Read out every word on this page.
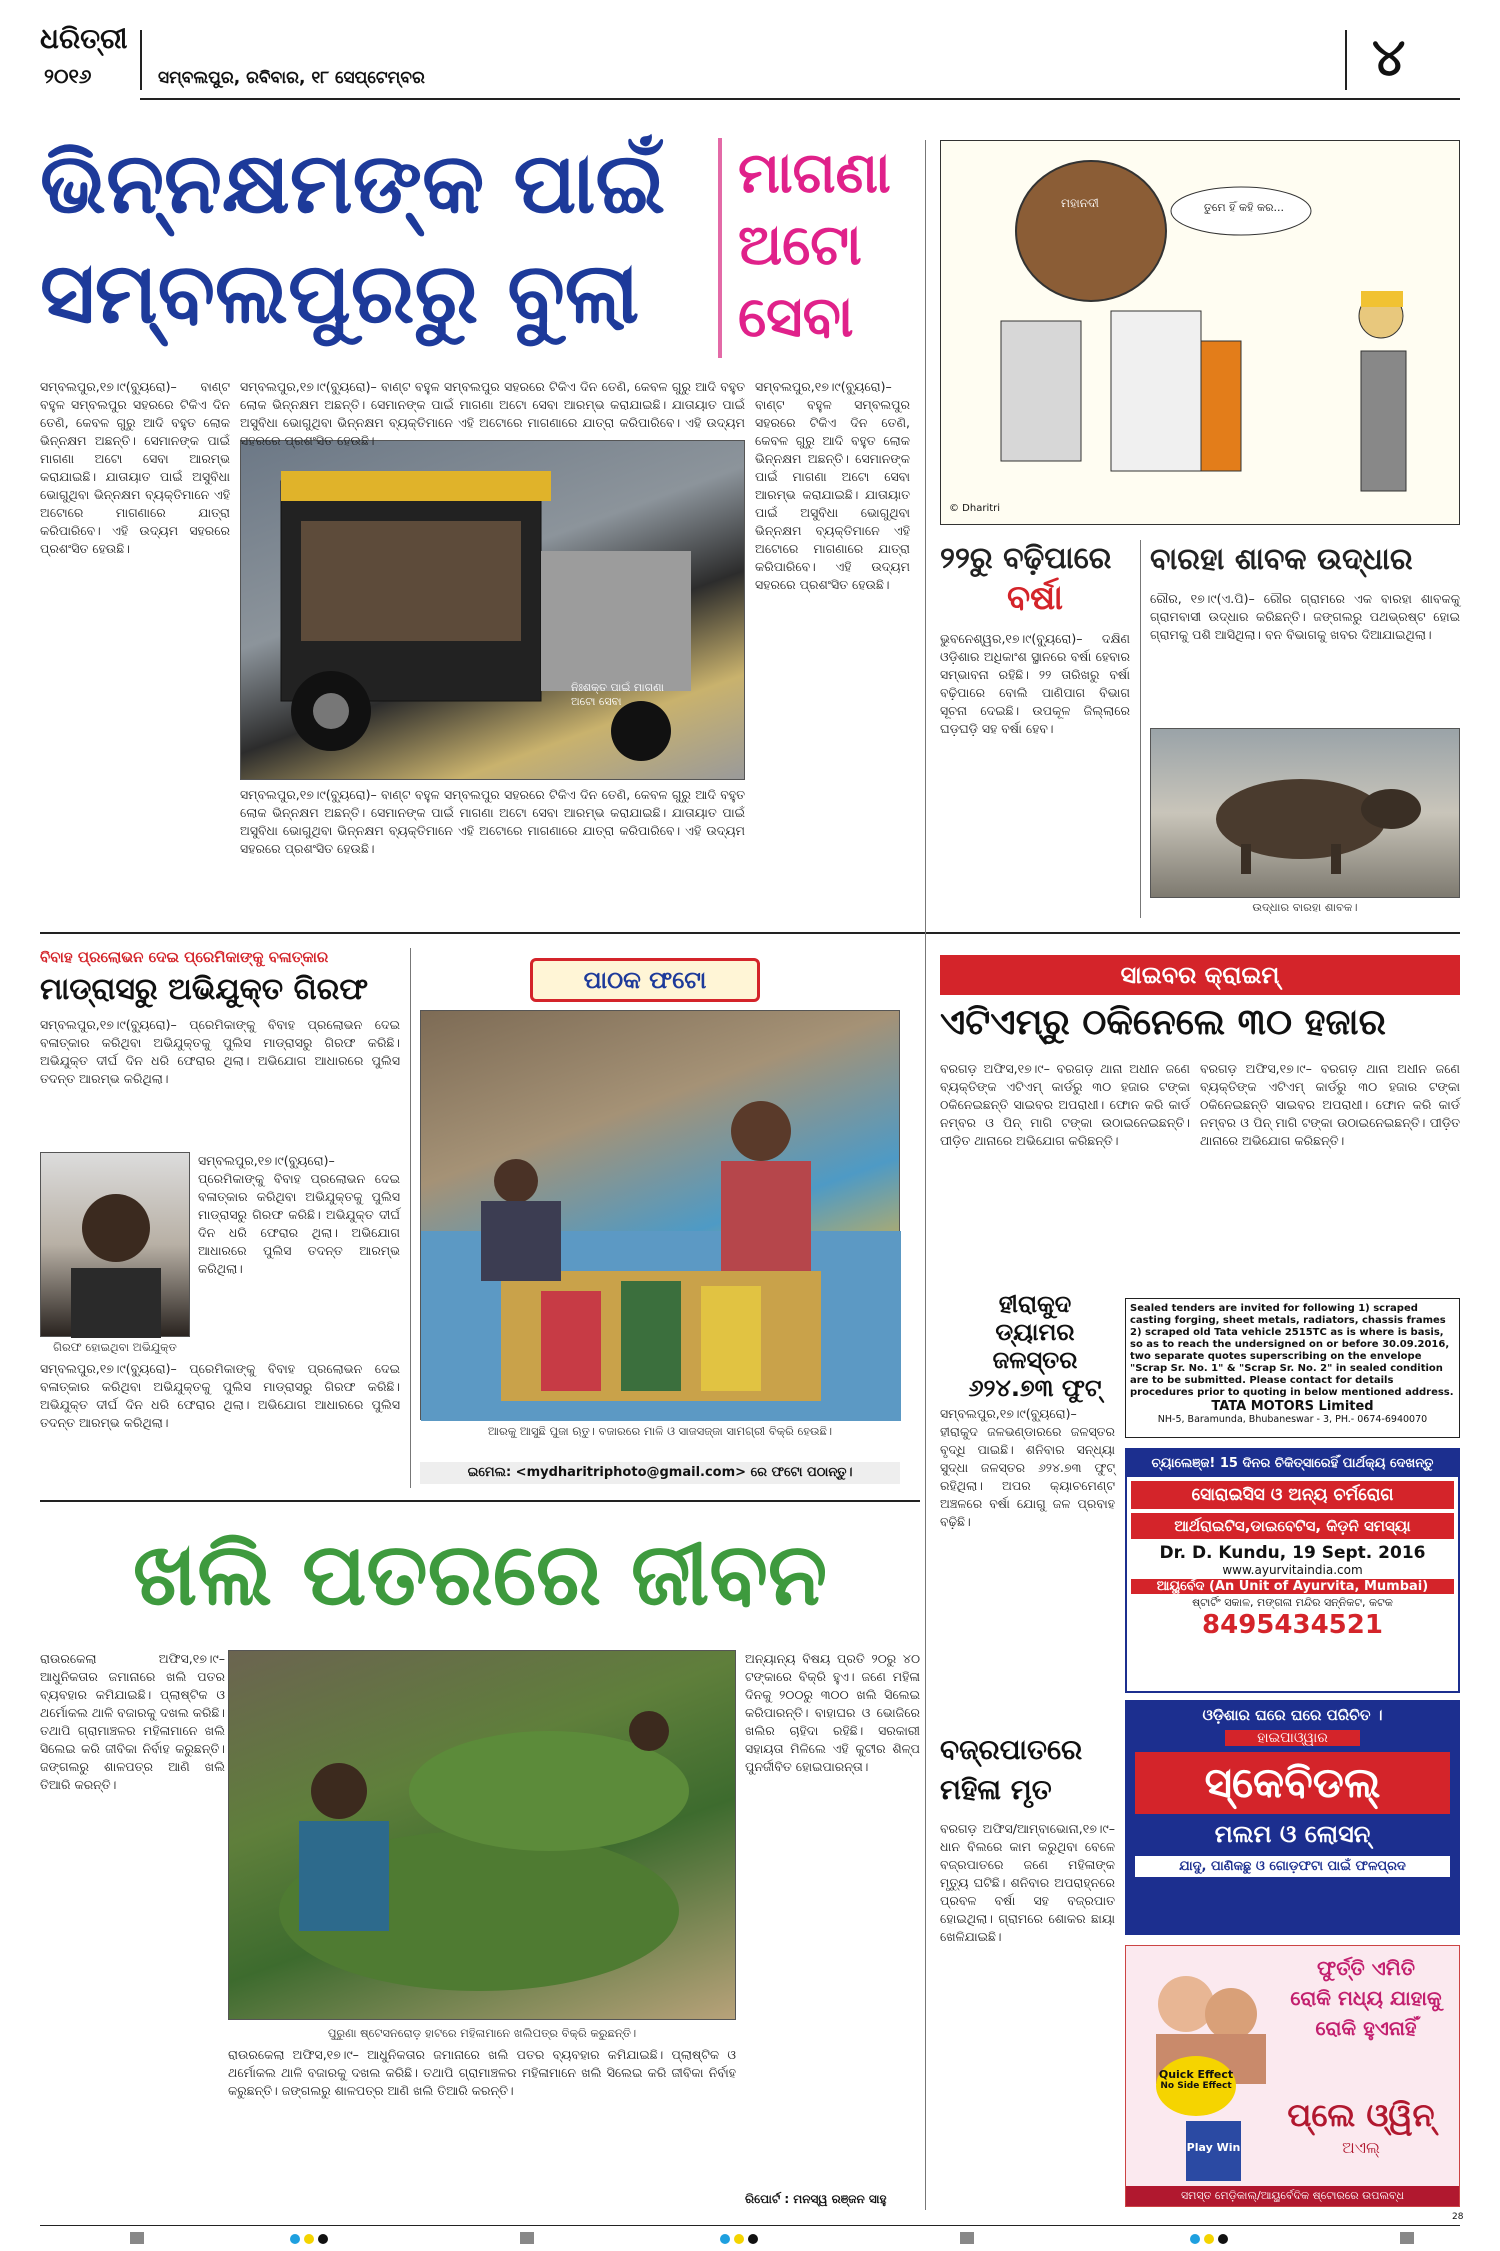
ଧରିତ୍ରୀ
୨୦୧୬	ସମ୍ବଲପୁର, ରବିବାର, ୧୮ ସେପ୍ଟେମ୍ବର	୪
ଭିନ୍ନକ୍ଷମଙ୍କ ପାଇଁ
ସମ୍ବଲପୁରରୁ ବୁଲା
ମାଗଣା
ଅଟୋ
ସେବା
ସମ୍ବଲପୁର,୧୭।୯(ବ୍ୟୁରୋ)– ବାଣ୍ଟ ବହୁଳ ସମ୍ବଲପୁର ସହରରେ ଟିକିଏ ଦିନ ତେଣି, କେବଳ ଗୁରୁ ଆଦି ବହୁତ ଲୋକ ଭିନ୍ନକ୍ଷମ ଅଛନ୍ତି। ସେମାନଙ୍କ ପାଇଁ ମାଗଣା ଅଟୋ ସେବା ଆରମ୍ଭ କରାଯାଇଛି। ଯାତାୟାତ ପାଇଁ ଅସୁବିଧା ଭୋଗୁଥିବା ଭିନ୍ନକ୍ଷମ ବ୍ୟକ୍ତିମାନେ ଏହି ଅଟୋରେ ମାଗଣାରେ ଯାତ୍ରା କରିପାରିବେ। ଏହି ଉଦ୍ୟମ ସହରରେ ପ୍ରଶଂସିତ ହେଉଛି।
ନିଃଶକ୍ତ ପାଇଁ ମାଗଣା ଅଟୋ ସେବା
ସମ୍ବଲପୁର,୧୭।୯(ବ୍ୟୁରୋ)– ବାଣ୍ଟ ବହୁଳ ସମ୍ବଲପୁର ସହରରେ ଟିକିଏ ଦିନ ତେଣି, କେବଳ ଗୁରୁ ଆଦି ବହୁତ ଲୋକ ଭିନ୍ନକ୍ଷମ ଅଛନ୍ତି। ସେମାନଙ୍କ ପାଇଁ ମାଗଣା ଅଟୋ ସେବା ଆରମ୍ଭ କରାଯାଇଛି। ଯାତାୟାତ ପାଇଁ ଅସୁବିଧା ଭୋଗୁଥିବା ଭିନ୍ନକ୍ଷମ ବ୍ୟକ୍ତିମାନେ ଏହି ଅଟୋରେ ମାଗଣାରେ ଯାତ୍ରା କରିପାରିବେ। ଏହି ଉଦ୍ୟମ ସହରରେ ପ୍ରଶଂସିତ ହେଉଛି।
ସମ୍ବଲପୁର,୧୭।୯(ବ୍ୟୁରୋ)– ବାଣ୍ଟ ବହୁଳ ସମ୍ବଲପୁର ସହରରେ ଟିକିଏ ଦିନ ତେଣି, କେବଳ ଗୁରୁ ଆଦି ବହୁତ ଲୋକ ଭିନ୍ନକ୍ଷମ ଅଛନ୍ତି। ସେମାନଙ୍କ ପାଇଁ ମାଗଣା ଅଟୋ ସେବା ଆରମ୍ଭ କରାଯାଇଛି। ଯାତାୟାତ ପାଇଁ ଅସୁବିଧା ଭୋଗୁଥିବା ଭିନ୍ନକ୍ଷମ ବ୍ୟକ୍ତିମାନେ ଏହି ଅଟୋରେ ମାଗଣାରେ ଯାତ୍ରା କରିପାରିବେ। ଏହି ଉଦ୍ୟମ ସହରରେ ପ୍ରଶଂସିତ ହେଉଛି।
ସମ୍ବଲପୁର,୧୭।୯(ବ୍ୟୁରୋ)– ବାଣ୍ଟ ବହୁଳ ସମ୍ବଲପୁର ସହରରେ ଟିକିଏ ଦିନ ତେଣି, କେବଳ ଗୁରୁ ଆଦି ବହୁତ ଲୋକ ଭିନ୍ନକ୍ଷମ ଅଛନ୍ତି। ସେମାନଙ୍କ ପାଇଁ ମାଗଣା ଅଟୋ ସେବା ଆରମ୍ଭ କରାଯାଇଛି। ଯାତାୟାତ ପାଇଁ ଅସୁବିଧା ଭୋଗୁଥିବା ଭିନ୍ନକ୍ଷମ ବ୍ୟକ୍ତିମାନେ ଏହି ଅଟୋରେ ମାଗଣାରେ ଯାତ୍ରା କରିପାରିବେ। ଏହି ଉଦ୍ୟମ ସହରରେ ପ୍ରଶଂସିତ ହେଉଛି।
ମହାନଦୀ	ତୁମେ ହିଁ କହି କର...
© Dharitri
୨୨ରୁ ବଢ଼ିପାରେ
ବର୍ଷା
ଭୁବନେଶ୍ୱର,୧୭।୯(ବ୍ୟୁରୋ)– ଦକ୍ଷିଣ ଓଡ଼ିଶାର ଅଧିକାଂଶ ସ୍ଥାନରେ ବର୍ଷା ହେବାର ସମ୍ଭାବନା ରହିଛି। ୨୨ ତାରିଖରୁ ବର୍ଷା ବଢ଼ିପାରେ ବୋଲି ପାଣିପାଗ ବିଭାଗ ସୂଚନା ଦେଇଛି। ଉପକୂଳ ଜିଲ୍ଲାରେ ଘଡ଼ଘଡ଼ି ସହ ବର୍ଷା ହେବ।
ବାରହା ଶାବକ ଉଦ୍ଧାର
ରୌର, ୧୭।୯(ଏ.ପି)– ରୌର ଗ୍ରାମରେ ଏକ ବାରହା ଶାବକକୁ ଗ୍ରାମବାସୀ ଉଦ୍ଧାର କରିଛନ୍ତି। ଜଙ୍ଗଲରୁ ପଥଭ୍ରଷ୍ଟ ହୋଇ ଗ୍ରାମକୁ ପଶି ଆସିଥିଲା। ବନ ବିଭାଗକୁ ଖବର ଦିଆଯାଇଥିଲା।
ଉଦ୍ଧାର ବାରହା ଶାବକ।
ବିବାହ ପ୍ରଲୋଭନ ଦେଇ ପ୍ରେମିକାଙ୍କୁ ବଳାତ୍କାର
ମାଡ୍ରାସରୁ ଅଭିଯୁକ୍ତ ଗିରଫ
ସମ୍ବଲପୁର,୧୭।୯(ବ୍ୟୁରୋ)– ପ୍ରେମିକାଙ୍କୁ ବିବାହ ପ୍ରଲୋଭନ ଦେଇ ବଳାତ୍କାର କରିଥିବା ଅଭିଯୁକ୍ତକୁ ପୁଲିସ ମାଡ୍ରାସରୁ ଗିରଫ କରିଛି। ଅଭିଯୁକ୍ତ ଦୀର୍ଘ ଦିନ ଧରି ଫେରାର ଥିଲା। ଅଭିଯୋଗ ଆଧାରରେ ପୁଲିସ ତଦନ୍ତ ଆରମ୍ଭ କରିଥିଲା।
ଗିରଫ ହୋଇଥିବା ଅଭିଯୁକ୍ତ
ସମ୍ବଲପୁର,୧୭।୯(ବ୍ୟୁରୋ)– ପ୍ରେମିକାଙ୍କୁ ବିବାହ ପ୍ରଲୋଭନ ଦେଇ ବଳାତ୍କାର କରିଥିବା ଅଭିଯୁକ୍ତକୁ ପୁଲିସ ମାଡ୍ରାସରୁ ଗିରଫ କରିଛି। ଅଭିଯୁକ୍ତ ଦୀର୍ଘ ଦିନ ଧରି ଫେରାର ଥିଲା। ଅଭିଯୋଗ ଆଧାରରେ ପୁଲିସ ତଦନ୍ତ ଆରମ୍ଭ କରିଥିଲା।
ସମ୍ବଲପୁର,୧୭।୯(ବ୍ୟୁରୋ)– ପ୍ରେମିକାଙ୍କୁ ବିବାହ ପ୍ରଲୋଭନ ଦେଇ ବଳାତ୍କାର କରିଥିବା ଅଭିଯୁକ୍ତକୁ ପୁଲିସ ମାଡ୍ରାସରୁ ଗିରଫ କରିଛି। ଅଭିଯୁକ୍ତ ଦୀର୍ଘ ଦିନ ଧରି ଫେରାର ଥିଲା। ଅଭିଯୋଗ ଆଧାରରେ ପୁଲିସ ତଦନ୍ତ ଆରମ୍ଭ କରିଥିଲା।
ପାଠକ ଫଟୋ
ଆରକୁ ଆସୁଛି ପୁଜା ଋତୁ। ବଜାରରେ ମାଳି ଓ ସାଜସଜ୍ଜା ସାମଗ୍ରୀ ବିକ୍ରି ହେଉଛି।
ଇମେଲ: <mydharitriphoto@gmail.com> ରେ ଫଟୋ ପଠାନ୍ତୁ।
ସାଇବର କ୍ରାଇମ୍
ଏଟିଏମ୍‌ରୁ ଠକିନେଲେ ୩୦ ହଜାର
ବରଗଡ଼ ଅଫିସ,୧୭।୯– ବରଗଡ଼ ଥାନା ଅଧୀନ ଜଣେ ବ୍ୟକ୍ତିଙ୍କ ଏଟିଏମ୍ କାର୍ଡରୁ ୩୦ ହଜାର ଟଙ୍କା ଠକିନେଇଛନ୍ତି ସାଇବର ଅପରାଧୀ। ଫୋନ କରି କାର୍ଡ ନମ୍ବର ଓ ପିନ୍ ମାଗି ଟଙ୍କା ଉଠାଇନେଇଛନ୍ତି। ପୀଡ଼ିତ ଥାନାରେ ଅଭିଯୋଗ କରିଛନ୍ତି।
ବରଗଡ଼ ଅଫିସ,୧୭।୯– ବରଗଡ଼ ଥାନା ଅଧୀନ ଜଣେ ବ୍ୟକ୍ତିଙ୍କ ଏଟିଏମ୍ କାର୍ଡରୁ ୩୦ ହଜାର ଟଙ୍କା ଠକିନେଇଛନ୍ତି ସାଇବର ଅପରାଧୀ। ଫୋନ କରି କାର୍ଡ ନମ୍ବର ଓ ପିନ୍ ମାଗି ଟଙ୍କା ଉଠାଇନେଇଛନ୍ତି। ପୀଡ଼ିତ ଥାନାରେ ଅଭିଯୋଗ କରିଛନ୍ତି।
ହୀରାକୁଦ
ଡ୍ୟାମର ଜଳସ୍ତର
୬୨୪.୭୩ ଫୁଟ୍
ସମ୍ବଲପୁର,୧୭।୯(ବ୍ୟୁରୋ)– ହୀରାକୁଦ ଜଳଭଣ୍ଡାରରେ ଜଳସ୍ତର ବୃଦ୍ଧି ପାଇଛି। ଶନିବାର ସନ୍ଧ୍ୟା ସୁଦ୍ଧା ଜଳସ୍ତର ୬୨୪.୭୩ ଫୁଟ୍ ରହିଥିଲା। ଅପର କ୍ୟାଚମେଣ୍ଟ ଅଞ୍ଚଳରେ ବର୍ଷା ଯୋଗୁ ଜଳ ପ୍ରବାହ ବଢ଼ିଛି।
Sealed tenders are invited for following 1) scraped casting forging, sheet metals, radiators, chassis frames 2) scraped old Tata vehicle 2515TC as is where is basis, so as to reach the undersigned on or before 30.09.2016, two separate quotes superscribing on the envelope "Scrap Sr. No. 1" & "Scrap Sr. No. 2" in sealed condition are to be submitted. Please contact for details procedures prior to quoting in below mentioned address.
TATA MOTORS Limited
NH-5, Baramunda, Bhubaneswar - 3, PH.- 0674-6940070
ଚ୍ୟାଲେଞ୍ଜ! 15 ଦିନର ଚିକିତ୍ସାରେହିଁ ପାର୍ଥକ୍ୟ ଦେଖନ୍ତୁ
ସୋରାଇସିସ ଓ ଅନ୍ୟ ଚର୍ମରୋଗ
ଆର୍ଥରାଇଟିସ,ଡାଇବେଟିସ, କିଡ଼ନି ସମସ୍ୟା
Dr. D. Kundu, 19 Sept. 2016
www.ayurvitaindia.com
ଆୟୁର୍ବେଦ (An Unit of Ayurvita, Mumbai)
ଷ୍ଟାର୍ଟିଂ ସକାଳ, ମଙ୍ଗଳା ମନ୍ଦିର ସନ୍ନିକଟ, କଟକ
8495434521
ଓଡ଼ିଶାର ଘରେ ଘରେ ପରିଚିତ ।
ହାଇପାଓ୍ୱାର
ସ୍କେବିଡଲ୍
ମଲମ ଓ ଲୋସନ୍
ଯାଦୁ, ପାଣିକଛୁ ଓ ଗୋଡ଼ଫଟା ପାଇଁ ଫଳପ୍ରଦ
ବଜ୍ରପାତରେ
ମହିଳା ମୃତ
ବରଗଡ଼ ଅଫିସ/ଆମ୍ବାଭୋନା,୧୭।୯– ଧାନ ବିଲରେ କାମ କରୁଥିବା ବେଳେ ବଜ୍ରପାତରେ ଜଣେ ମହିଳାଙ୍କ ମୃତ୍ୟୁ ଘଟିଛି। ଶନିବାର ଅପରାହ୍ନରେ ପ୍ରବଳ ବର୍ଷା ସହ ବଜ୍ରପାତ ହୋଇଥିଲା। ଗ୍ରାମରେ ଶୋକର ଛାୟା ଖେଳିଯାଇଛି।
ଫୁର୍ତ୍ତି ଏମିତି
ରୋକି ମଧ୍ୟ ଯାହାକୁ
ରୋକି ହୁଏନାହିଁ
Quick Effect
No Side Effect
Play Win
ପ୍ଲେ ଓ୍ୱିନ୍
ଅଏଲ୍
ସମସ୍ତ ମେଡ଼ିକାଲ୍/ଆୟୁର୍ବେଦିକ ଷ୍ଟୋରରେ ଉପଲବ୍ଧ
ଖଲି ପତରରେ ଜୀବନ
ରାଉରକେଲା ଅଫିସ,୧୭।୯– ଆଧୁନିକତାର ଜମାନାରେ ଖଲି ପତର ବ୍ୟବହାର କମିଯାଇଛି। ପ୍ଲାଷ୍ଟିକ ଓ ଥର୍ମୋକଲ ଥାଳି ବଜାରକୁ ଦଖଲ କରିଛି। ତଥାପି ଗ୍ରାମାଞ୍ଚଳର ମହିଳାମାନେ ଖଲି ସିଲେଇ କରି ଜୀବିକା ନିର୍ବାହ କରୁଛନ୍ତି। ଜଙ୍ଗଲରୁ ଶାଳପତ୍ର ଆଣି ଖଲି ତିଆରି କରନ୍ତି।
ପୁରୁଣା ଷ୍ଟେସନରୋଡ଼ ହାଟରେ ମହିଳାମାନେ ଖଲିପତ୍ର ବିକ୍ରି କରୁଛନ୍ତି।
ରାଉରକେଲା ଅଫିସ,୧୭।୯– ଆଧୁନିକତାର ଜମାନାରେ ଖଲି ପତର ବ୍ୟବହାର କମିଯାଇଛି। ପ୍ଲାଷ୍ଟିକ ଓ ଥର୍ମୋକଲ ଥାଳି ବଜାରକୁ ଦଖଲ କରିଛି। ତଥାପି ଗ୍ରାମାଞ୍ଚଳର ମହିଳାମାନେ ଖଲି ସିଲେଇ କରି ଜୀବିକା ନିର୍ବାହ କରୁଛନ୍ତି। ଜଙ୍ଗଲରୁ ଶାଳପତ୍ର ଆଣି ଖଲି ତିଆରି କରନ୍ତି।
ଅନ୍ୟାନ୍ୟ ବିଷୟ ପ୍ରତି ୨୦ରୁ ୪୦ ଟଙ୍କାରେ ବିକ୍ରି ହୁଏ। ଜଣେ ମହିଳା ଦିନକୁ ୨୦୦ରୁ ୩୦୦ ଖଲି ସିଲେଇ କରିପାରନ୍ତି। ବାହାଘର ଓ ଭୋଜିରେ ଖଲିର ଚାହିଦା ରହିଛି। ସରକାରୀ ସହାୟତା ମିଳିଲେ ଏହି କୁଟୀର ଶିଳ୍ପ ପୁନର୍ଜୀବିତ ହୋଇପାରନ୍ତା।
ରିପୋର୍ଟ : ମନସ୍ୱ ରଞ୍ଜନ ସାହୁ
28
